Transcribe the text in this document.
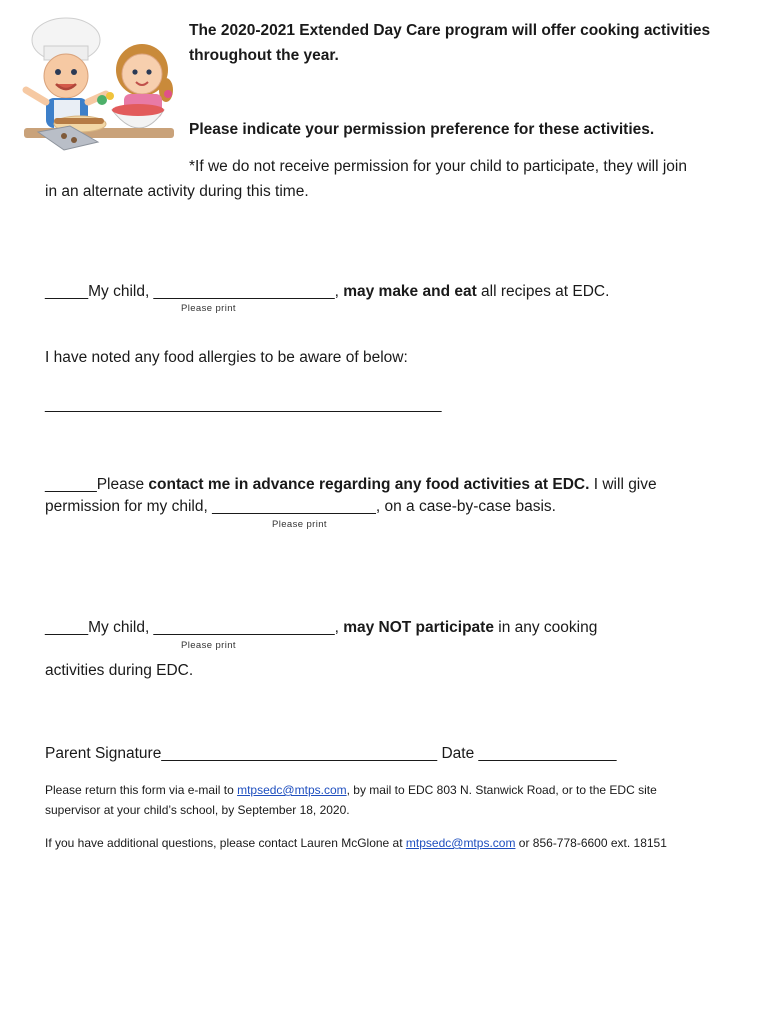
The 2020-2021 Extended Day Care program will offer cooking activities
throughout the year.
Please indicate your permission preference for these activities.
*If we do not receive permission for your child to participate, they will join
in an alternate activity during this time.
_____My child, _____________________, may make and eat all recipes at EDC.
Please print
I have noted any food allergies to be aware of below:
______________________________________________
______Please contact me in advance regarding any food activities at EDC. I will give
permission for my child, ___________________, on a case-by-case basis.
Please print
_____My child, _____________________, may NOT participate in any cooking
Please print
activities during EDC.
Parent Signature________________________________ Date ________________
Please return this form via e-mail to mtpsedc@mtps.com, by mail to EDC 803 N. Stanwick Road, or to the EDC site
supervisor at your child’s school, by September 18, 2020.
If you have additional questions, please contact Lauren McGlone at mtpsedc@mtps.com or 856-778-6600 ext. 18151
